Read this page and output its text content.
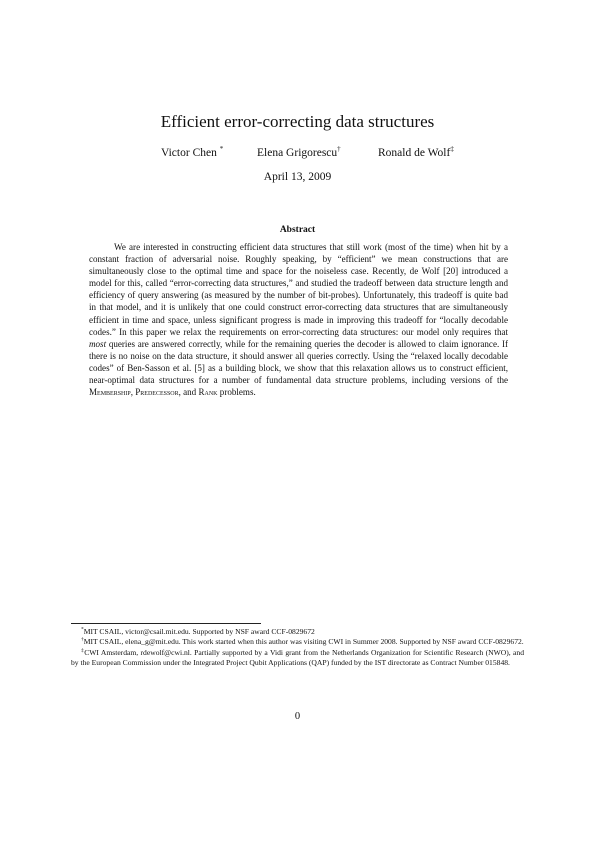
Efficient error-correcting data structures
Victor Chen *	Elena Grigorescu†	Ronald de Wolf‡
April 13, 2009
Abstract

We are interested in constructing efficient data structures that still work (most of the time) when hit by a constant fraction of adversarial noise. Roughly speaking, by “efficient” we mean constructions that are simultaneously close to the optimal time and space for the noiseless case. Recently, de Wolf [20] introduced a model for this, called “error-correcting data structures,” and studied the tradeoff between data structure length and efficiency of query answering (as measured by the number of bit-probes). Unfortunately, this tradeoff is quite bad in that model, and it is unlikely that one could construct error-correcting data structures that are simultaneously efficient in time and space, unless significant progress is made in improving this tradeoff for “locally decodable codes.” In this paper we relax the requirements on error-correcting data structures: our model only requires that most queries are answered correctly, while for the remaining queries the decoder is allowed to claim ignorance. If there is no noise on the data structure, it should answer all queries correctly. Using the “relaxed locally decodable codes” of Ben-Sasson et al. [5] as a building block, we show that this relaxation allows us to construct efficient, near-optimal data structures for a number of fundamental data structure problems, including versions of the Membership, Predecessor, and Rank problems.

*MIT CSAIL, victor@csail.mit.edu. Supported by NSF award CCF-0829672

†MIT CSAIL, elena_g@mit.edu. This work started when this author was visiting CWI in Summer 2008. Supported by NSF award CCF-0829672.

‡CWI Amsterdam, rdewolf@cwi.nl. Partially supported by a Vidi grant from the Netherlands Organization for Scientific Research (NWO), and by the European Commission under the Integrated Project Qubit Applications (QAP) funded by the IST directorate as Contract Number 015848.

0
